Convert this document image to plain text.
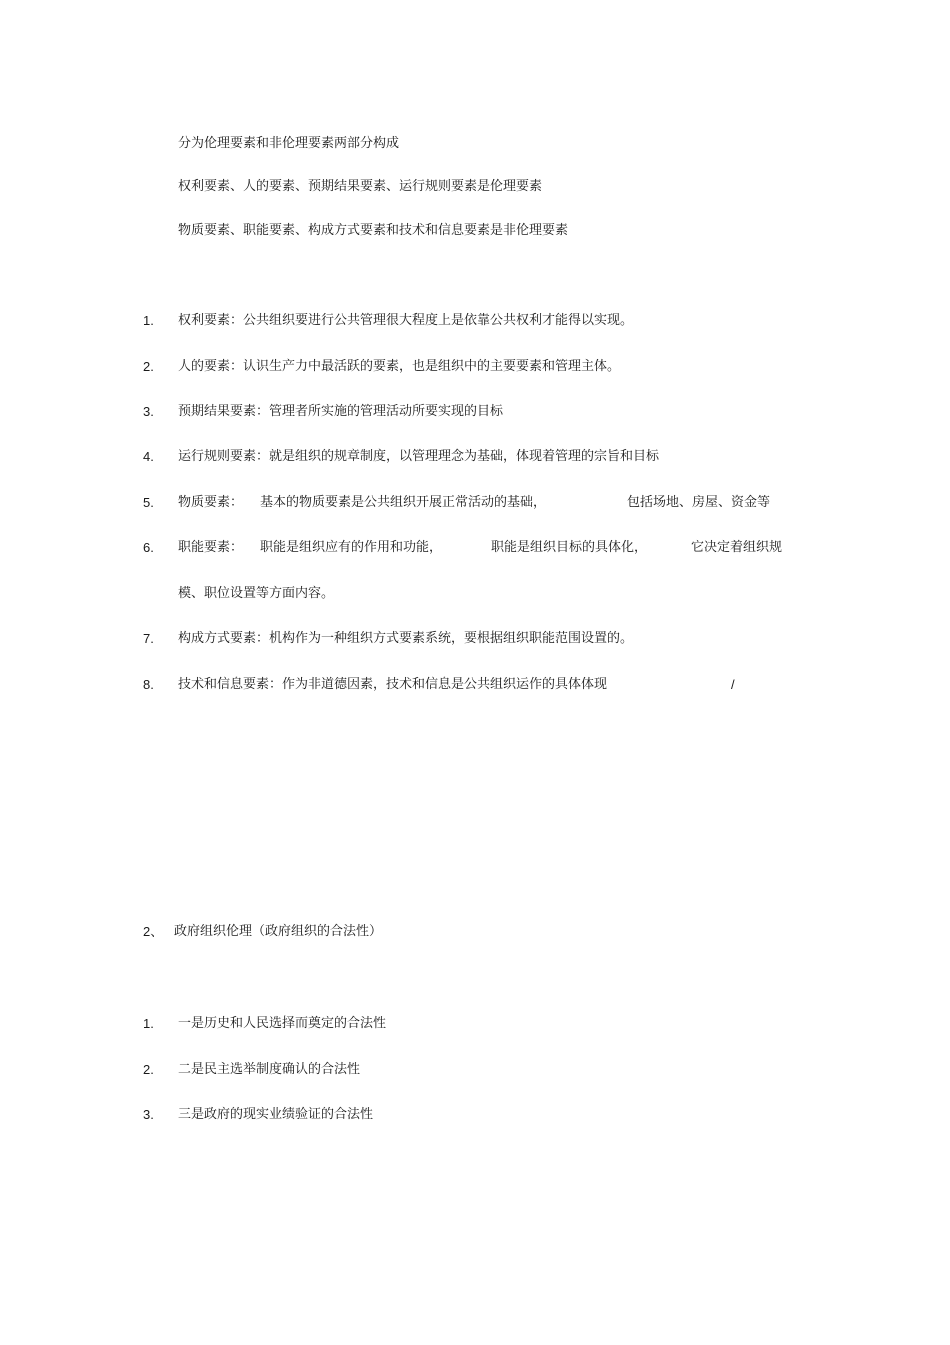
分为伦理要素和非伦理要素两部分构成
权利要素、人的要素、预期结果要素、运行规则要素是伦理要素
物质要素、职能要素、构成方式要素和技术和信息要素是非伦理要素
1. 权利要素：公共组织要进行公共管理很大程度上是依靠公共权利才能得以实现。
2. 人的要素：认识生产力中最活跃的要素，也是组织中的主要要素和管理主体。
3. 预期结果要素：管理者所实施的管理活动所要实现的目标
4. 运行规则要素：就是组织的规章制度，以管理理念为基础，体现着管理的宗旨和目标
5. 物质要素： 基本的物质要素是公共组织开展正常活动的基础，	包括场地、房屋、资金等
6. 职能要素： 职能是组织应有的作用和功能，	职能是组织目标的具体化，	它决定着组织规
模、职位设置等方面内容。
7. 构成方式要素：机构作为一种组织方式要素系统，要根据组织职能范围设置的。
8. 技术和信息要素：作为非道德因素，技术和信息是公共组织运作的具体体现	/
2、 政府组织伦理（政府组织的合法性）
1. 一是历史和人民选择而奠定的合法性
2. 二是民主选举制度确认的合法性
3. 三是政府的现实业绩验证的合法性
